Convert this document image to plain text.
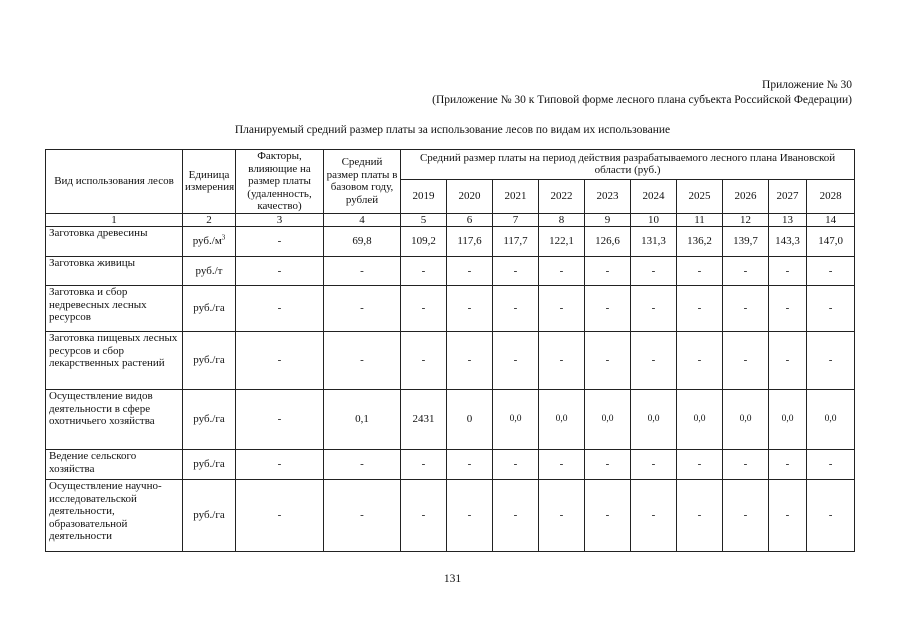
Приложение № 30
(Приложение № 30 к Типовой форме лесного плана субъекта Российской Федерации)
Планируемый средний размер платы за использование лесов по видам их использование
Вид использования лесов	Единица измерения	Факторы, влияющие на размер платы (удаленность, качество)	Средний размер платы в базовом году, рублей	Средний размер платы на период действия разрабатываемого лесного плана Ивановской области (руб.)									
				2019	2020	2021	2022	2023	2024	2025	2026	2027	2028
1	2	3	4	5	6	7	8	9	10	11	12	13	14
Заготовка древесины	$руб./м^3$	-	69,8	109,2	117,6	117,7	122,1	126,6	131,3	136,2	139,7	143,3	147,0
Заготовка живицы	руб./т	-	-	-	-	-	-	-	-	-	-	-	-
Заготовка и сбор недревесных лесных ресурсов	руб./га	-	-	-	-	-	-	-	-	-	-	-	-
Заготовка пищевых лесных ресурсов и сбор лекарственных растений	руб./га	-	-	-	-	-	-	-	-	-	-	-	-
Осуществление видов деятельности в сфере охотничьего хозяйства	руб./га	-	0,1	2431	0	0,0	0,0	0,0	0,0	0,0	0,0	0,0	0,0
Ведение сельского хозяйства	руб./га	-	-	-	-	-	-	-	-	-	-	-	-
Осуществление научно-исследовательской деятельности, образовательной деятельности	руб./га	-	-	-	-	-	-	-	-	-	-	-	-
131
